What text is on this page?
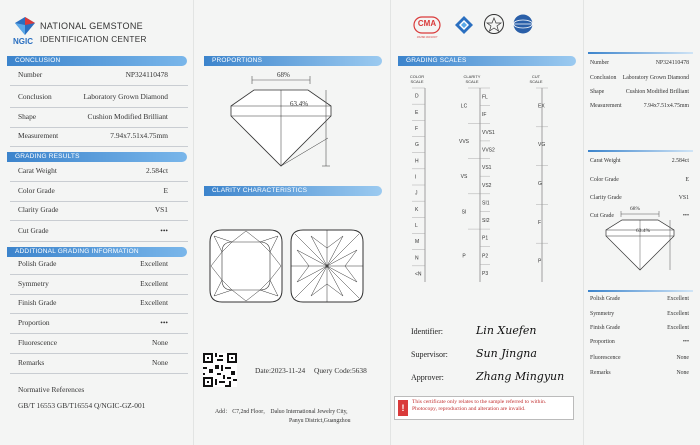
NGIC
NATIONAL GEMSTONE
IDENTIFICATION CENTER
CONCLUSION
Number	NP324110478
Conclusion	Laboratory Grown Diamond
Shape	Cushion Modified Brilliant
Measurement	7.94x7.51x4.75mm
GRADING RESULTS
Carat Weight	2.584ct
Color Grade	E
Clarity Grade	VS1
Cut Grade	•••
ADDITIONAL GRADING INFORMATION
Polish Grade	Excellent
Symmetry	Excellent
Finish Grade	Excellent
Proportion	•••
Fluorescence	None
Remarks	None
Normative References
GB/T 16553 GB/T16554 Q/NGIC-GZ-001
PROPORTIONS
68%
63.4%
CLARITY CHARACTERISTICS
Date:2023-11-24 Query Code:5638
Add： C7,2nd Floor， Daluo International Jewelry City,
Panyu District,Guangzhou
CMA
182601601007
GRADING SCALES
COLOR SCALE
CLARITY SCALE
CUT SCALE
D
E
F
G
H
I
J
K
L
M
N
<N
FL
IF
VVS1
VVS2
VS1
VS2
SI1
SI2
P1
P2
P3
LC
VVS
VS
SI
P
EX
VG
G
F
P
Identifier:	Lin Xuefen
Supervisor:	Sun Jingna
Approver:	Zhang Mingyun
!
This certificate only relates to the sample referred to within. Photocopy, reproduction and alteration are invalid.
Number	NP324110478
Conclusion Laboratory Grown Diamond
Shape	Cushion Modified Brilliant
Measurement	7.94x7.51x4.75mm
Carat Weight	2.584ct
Color Grade	E
Clarity Grade	VS1
Cut Grade	•••
68%
63.4%
Polish Grade	Excellent
Symmetry	Excellent
Finish Grade	Excellent
Proportion	•••
Fluorescence	None
Remarks	None
